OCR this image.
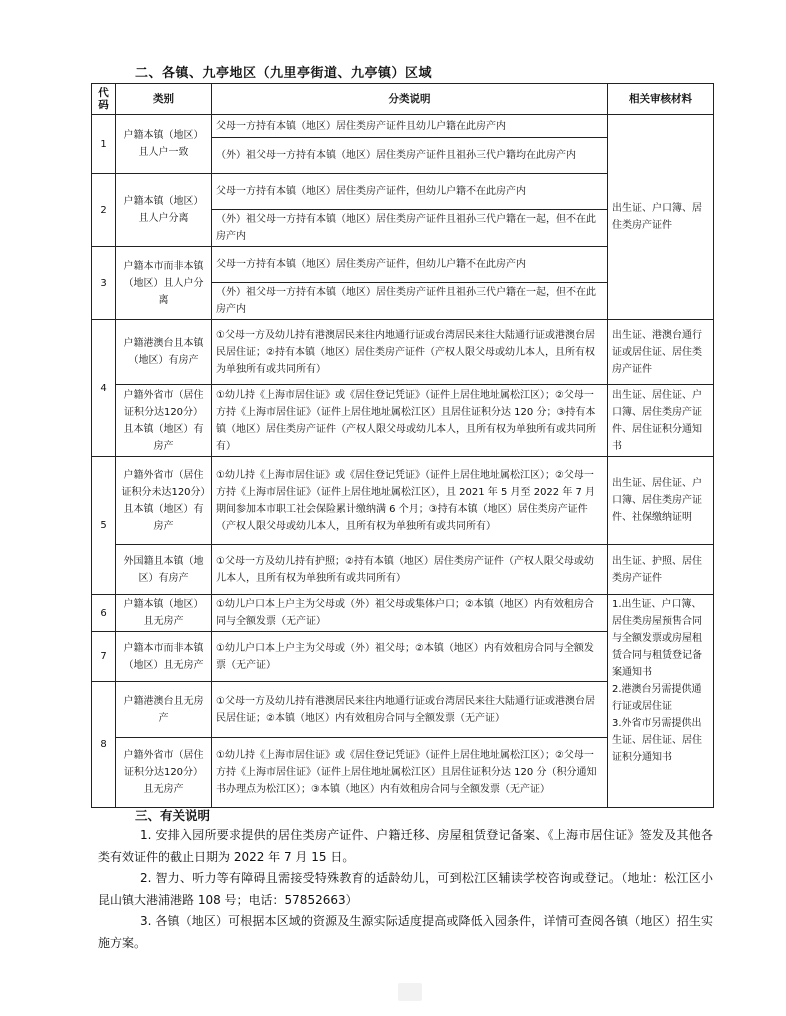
二、各镇、九亭地区（九里亭街道、九亭镇）区域
代码	类别	分类说明	相关审核材料
1	户籍本镇（地区）且人户一致	父母一方持有本镇（地区）居住类房产证件且幼儿户籍在此房产内	出生证、户口簿、居住类房产证件
		（外）祖父母一方持有本镇（地区）居住类房产证件且祖孙三代户籍均在此房产内	
2	户籍本镇（地区）且人户分离	父母一方持有本镇（地区）居住类房产证件，但幼儿户籍不在此房产内	
		（外）祖父母一方持有本镇（地区）居住类房产证件且祖孙三代户籍在一起，但不在此房产内	
3	户籍本市而非本镇（地区）且人户分离	父母一方持有本镇（地区）居住类房产证件，但幼儿户籍不在此房产内	
		（外）祖父母一方持有本镇（地区）居住类房产证件且祖孙三代户籍在一起，但不在此房产内	
4	户籍港澳台且本镇（地区）有房产	①父母一方及幼儿持有港澳居民来往内地通行证或台湾居民来往大陆通行证或港澳台居民居住证；②持有本镇（地区）居住类房产证件（产权人限父母或幼儿本人，且所有权为单独所有或共同所有）	出生证、港澳台通行证或居住证、居住类房产证件
	户籍外省市（居住证积分达120分）且本镇（地区）有房产	①幼儿持《上海市居住证》或《居住登记凭证》（证件上居住地址属松江区）；②父母一方持《上海市居住证》（证件上居住地址属松江区）且居住证积分达 120 分；③持有本镇（地区）居住类房产证件（产权人限父母或幼儿本人，且所有权为单独所有或共同所有）	出生证、居住证、户口簿、居住类房产证件、居住证积分通知书
5	户籍外省市（居住证积分未达120分）且本镇（地区）有房产	①幼儿持《上海市居住证》或《居住登记凭证》（证件上居住地址属松江区）；②父母一方持《上海市居住证》（证件上居住地址属松江区），且 2021 年 5 月至 2022 年 7 月期间参加本市职工社会保险累计缴纳满 6 个月；③持有本镇（地区）居住类房产证件（产权人限父母或幼儿本人，且所有权为单独所有或共同所有）	出生证、居住证、户口簿、居住类房产证件、社保缴纳证明
	外国籍且本镇（地区）有房产	①父母一方及幼儿持有护照；②持有本镇（地区）居住类房产证件（产权人限父母或幼儿本人，且所有权为单独所有或共同所有）	出生证、护照、居住类房产证件
6	户籍本镇（地区）且无房产	①幼儿户口本上户主为父母或（外）祖父母或集体户口；②本镇（地区）内有效租房合同与全额发票（无产证）	1.出生证、户口簿、居住类房屋预售合同与全额发票或房屋租赁合同与租赁登记备案通知书
2.港澳台另需提供通行证或居住证
3.外省市另需提供出生证、居住证、居住证积分通知书
7	户籍本市而非本镇（地区）且无房产	①幼儿户口本上户主为父母或（外）祖父母；②本镇（地区）内有效租房合同与全额发票（无产证）	
8	户籍港澳台且无房产	①父母一方及幼儿持有港澳居民来往内地通行证或台湾居民来往大陆通行证或港澳台居民居住证；②本镇（地区）内有效租房合同与全额发票（无产证）	
	户籍外省市（居住证积分达120分）且无房产	①幼儿持《上海市居住证》或《居住登记凭证》（证件上居住地址属松江区）；②父母一方持《上海市居住证》（证件上居住地址属松江区）且居住证积分达 120 分（积分通知书办理点为松江区）；③本镇（地区）内有效租房合同与全额发票（无产证）	
三、有关说明

1. 安排入园所要求提供的居住类房产证件、户籍迁移、房屋租赁登记备案、《上海市居住证》签发及其他各类有效证件的截止日期为 2022 年 7 月 15 日。

2. 智力、听力等有障碍且需接受特殊教育的适龄幼儿，可到松江区辅读学校咨询或登记。（地址：松江区小昆山镇大港浦港路 108 号；电话：57852663）

3. 各镇（地区）可根据本区域的资源及生源实际适度提高或降低入园条件，详情可查阅各镇（地区）招生实施方案。
